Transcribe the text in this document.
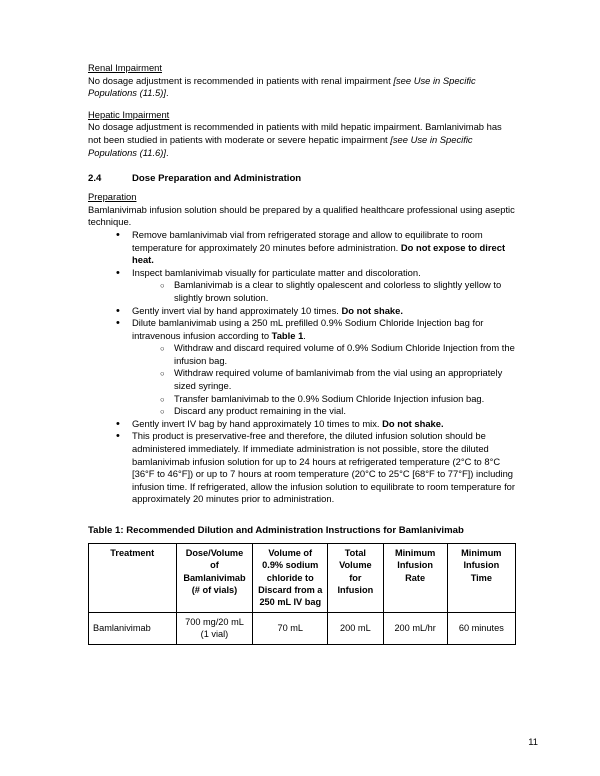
Renal Impairment

No dosage adjustment is recommended in patients with renal impairment [see Use in Specific Populations (11.5)].

Hepatic Impairment

No dosage adjustment is recommended in patients with mild hepatic impairment. Bamlanivimab has not been studied in patients with moderate or severe hepatic impairment [see Use in Specific Populations (11.6)].

2.4	Dose Preparation and Administration
Preparation

Bamlanivimab infusion solution should be prepared by a qualified healthcare professional using aseptic technique.

• Remove bamlanivimab vial from refrigerated storage and allow to equilibrate to room temperature for approximately 20 minutes before administration. Do not expose to direct heat.
• Inspect bamlanivimab visually for particulate matter and discoloration.
○ Bamlanivimab is a clear to slightly opalescent and colorless to slightly yellow to slightly brown solution.
• Gently invert vial by hand approximately 10 times. Do not shake.
• Dilute bamlanivimab using a 250 mL prefilled 0.9% Sodium Chloride Injection bag for intravenous infusion according to Table 1.
○ Withdraw and discard required volume of 0.9% Sodium Chloride Injection from the infusion bag.
○ Withdraw required volume of bamlanivimab from the vial using an appropriately sized syringe.
○ Transfer bamlanivimab to the 0.9% Sodium Chloride Injection infusion bag.
○ Discard any product remaining in the vial.
• Gently invert IV bag by hand approximately 10 times to mix. Do not shake.
• This product is preservative-free and therefore, the diluted infusion solution should be administered immediately. If immediate administration is not possible, store the diluted bamlanivimab infusion solution for up to 24 hours at refrigerated temperature (2°C to 8°C [36°F to 46°F]) or up to 7 hours at room temperature (20°C to 25°C [68°F to 77°F]) including infusion time. If refrigerated, allow the infusion solution to equilibrate to room temperature for approximately 20 minutes prior to administration.
Table 1: Recommended Dilution and Administration Instructions for Bamlanivimab
Treatment	Dose/Volume of Bamlanivimab (# of vials)	Volume of 0.9% sodium chloride to Discard from a 250 mL IV bag	Total Volume for Infusion	Minimum Infusion Rate	Minimum Infusion Time
Bamlanivimab	700 mg/20 mL (1 vial)	70 mL	200 mL	200 mL/hr	60 minutes
11
